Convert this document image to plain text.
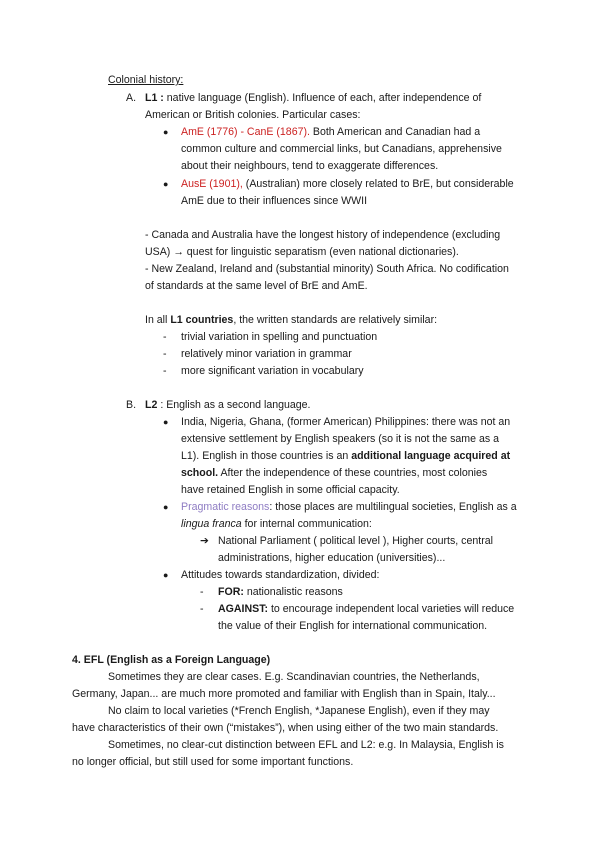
Colonial history:
A. L1 : native language (English). Influence of each, after independence of
American or British colonies. Particular cases:
● AmE (1776) - CanE (1867). Both American and Canadian had a
common culture and commercial links, but Canadians, apprehensive
about their neighbours, tend to exaggerate differences.
● AusE (1901), (Australian) more closely related to BrE, but considerable
AmE due to their influences since WWII
- Canada and Australia have the longest history of independence (excluding
USA) → quest for linguistic separatism (even national dictionaries).
- New Zealand, Ireland and (substantial minority) South Africa. No codification
of standards at the same level of BrE and AmE.
In all L1 countries, the written standards are relatively similar:
- trivial variation in spelling and punctuation
- relatively minor variation in grammar
- more significant variation in vocabulary
B. L2 : English as a second language.
● India, Nigeria, Ghana, (former American) Philippines: there was not an
extensive settlement by English speakers (so it is not the same as a
L1). English in those countries is an additional language acquired at
school. After the independence of these countries, most colonies
have retained English in some official capacity.
● Pragmatic reasons: those places are multilingual societies, English as a
lingua franca for internal communication:
➔ National Parliament ( political level ), Higher courts, central
administrations, higher education (universities)...
● Attitudes towards standardization, divided:
- FOR: nationalistic reasons
- AGAINST: to encourage independent local varieties will reduce
the value of their English for international communication.
4. EFL (English as a Foreign Language)
Sometimes they are clear cases. E.g. Scandinavian countries, the Netherlands,
Germany, Japan... are much more promoted and familiar with English than in Spain, Italy...
No claim to local varieties (*French English, *Japanese English), even if they may
have characteristics of their own (“mistakes”), when using either of the two main standards.
Sometimes, no clear-cut distinction between EFL and L2: e.g. In Malaysia, English is
no longer official, but still used for some important functions.
